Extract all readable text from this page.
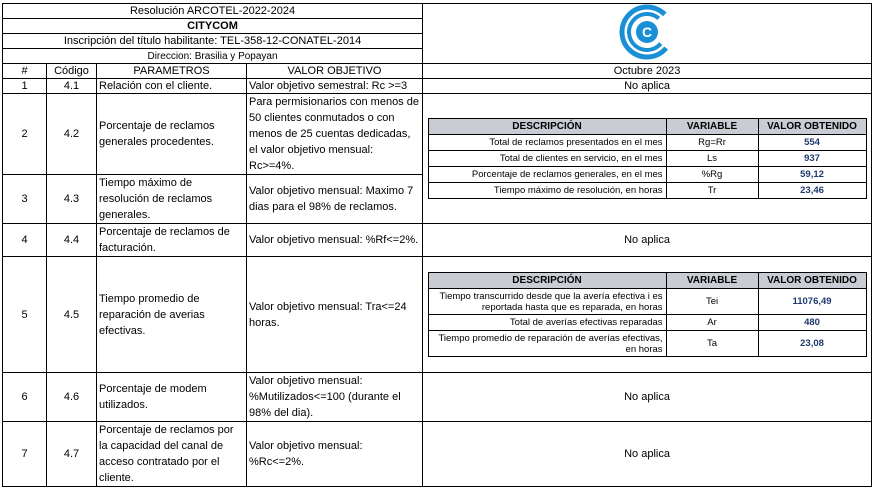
Resolución ARCOTEL-2022-2024	
C

CITYCOM
Inscripción del título habilitante: TEL-358-12-CONATEL-2014
Direccion: Brasilia y Popayan
#	Código	PARAMETROS	VALOR OBJETIVO	Octubre 2023
1	4.1	Relación con el cliente.	Valor objetivo semestral: Rc >=3	No aplica
2	4.2	Porcentaje de reclamos generales procedentes.	Para permisionarios con menos de 50 clientes conmutados o con menos de 25 cuentas dedicadas, el valor objetivo mensual: Rc>=4%.	
DESCRIPCIÓN	VARIABLE	VALOR OBTENIDO
Total de reclamos presentados en el mes	Rg=Rr	554
Total de clientes en servicio, en el mes	Ls	937
Porcentaje de reclamos generales, en el mes	%Rg	59,12
Tiempo máximo de resolución, en horas	Tr	23,46

3	4.3	Tiempo máximo de resolución de reclamos generales.	Valor objetivo mensual: Maximo 7 dias para el 98% de reclamos.
4	4.4	Porcentaje de reclamos de facturación.	Valor objetivo mensual: %Rf<=2%.	No aplica
5	4.5	Tiempo promedio de reparación de averias efectivas.	Valor objetivo mensual: Tra<=24 horas.	
DESCRIPCIÓN	VARIABLE	VALOR OBTENIDO
Tiempo transcurrido desde que la avería efectiva i es reportada hasta que es reparada, en horas	Tei	11076,49
Total de averías efectivas reparadas	Ar	480
Tiempo promedio de reparación de averías efectivas, en horas	Ta	23,08

6	4.6	Porcentaje de modem utilizados.	Valor objetivo mensual: %Mutilizados<=100 (durante el 98% del dia).	No aplica
7	4.7	Porcentaje de reclamos por la capacidad del canal de acceso contratado por el cliente.	Valor objetivo mensual: %Rc<=2%.	No aplica
